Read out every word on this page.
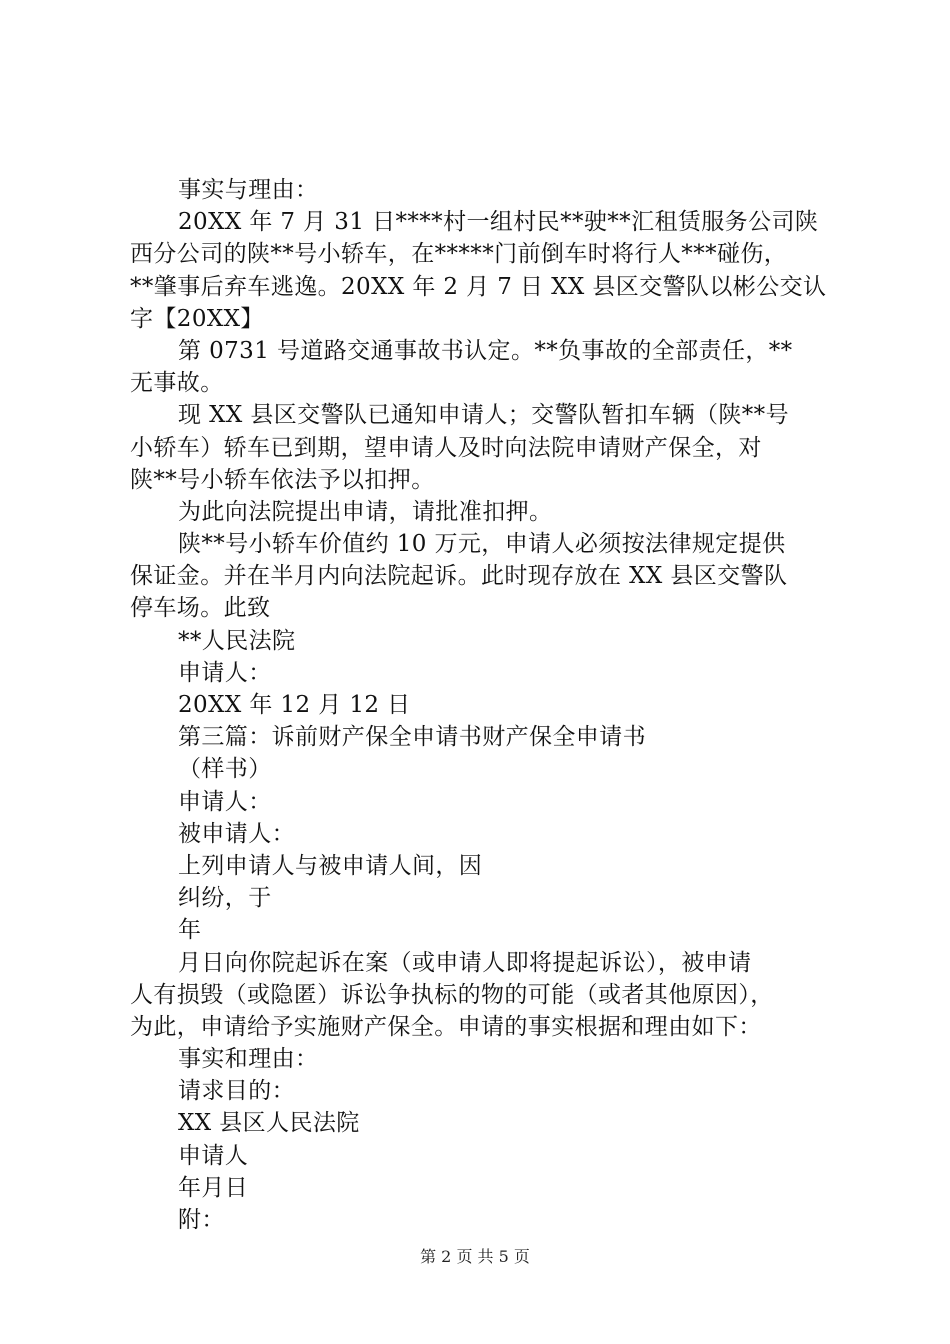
事实与理由：
20XX 年 7 月 31 日****村一组村民**驶**汇租赁服务公司陕
西分公司的陕**号小轿车，在*****门前倒车时将行人***碰伤，
**肇事后弃车逃逸。20XX 年 2 月 7 日 XX 县区交警队以彬公交认
字【20XX】
第 0731 号道路交通事故书认定。**负事故的全部责任，**
无事故。
现 XX 县区交警队已通知申请人；交警队暂扣车辆（陕**号
小轿车）轿车已到期，望申请人及时向法院申请财产保全，对
陕**号小轿车依法予以扣押。
为此向法院提出申请，请批准扣押。
陕**号小轿车价值约 10 万元，申请人必须按法律规定提供
保证金。并在半月内向法院起诉。此时现存放在 XX 县区交警队
停车场。此致
**人民法院
申请人：
20XX 年 12 月 12 日
第三篇：诉前财产保全申请书财产保全申请书
（样书）
申请人：
被申请人：
上列申请人与被申请人间，因
纠纷，于
年
月日向你院起诉在案（或申请人即将提起诉讼），被申请
人有损毁（或隐匿）诉讼争执标的物的可能（或者其他原因），
为此，申请给予实施财产保全。申请的事实根据和理由如下：
事实和理由：
请求目的：
XX 县区人民法院
申请人
年月日
附：
第 2 页 共 5 页
